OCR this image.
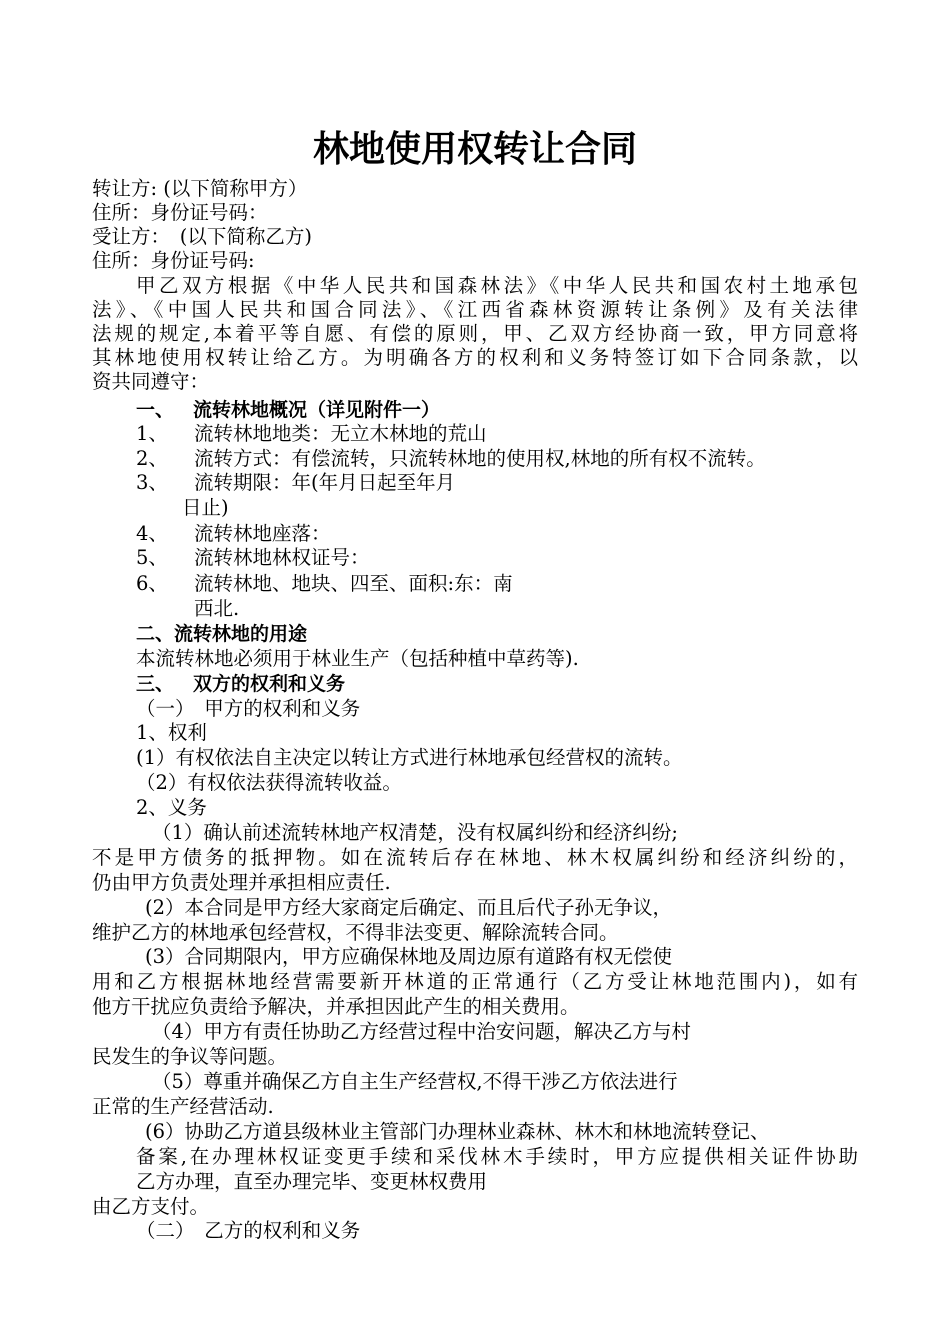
林地使用权转让合同
转让方: (以下简称甲方）
住所：身份证号码：
受让方：　(以下简称乙方)
住所：身份证号码:
甲乙双方根据《中华人民共和国森林法》《中华人民共和国农村土地承包
法》、《中国人民共和国合同法》、《江西省森林资源转让条例》及有关法律
法规的规定,本着平等自愿、有偿的原则，甲、乙双方经协商一致，甲方同意将
其林地使用权转让给乙方。为明确各方的权利和义务特签订如下合同条款，以
资共同遵守：
一、 流转林地概况（详见附件一）
1、 流转林地地类：无立木林地的荒山
2、 流转方式：有偿流转，只流转林地的使用权,林地的所有权不流转。
3、 流转期限：年(年月日起至年月
日止)
4、 流转林地座落：
5、 流转林地林权证号：
6、 流转林地、地块、四至、面积:东：南
西北.
二、流转林地的用途
本流转林地必须用于林业生产（包括种植中草药等).
三、 双方的权利和义务
（一）　甲方的权利和义务
1、权利
(1）有权依法自主决定以转让方式进行林地承包经营权的流转。
（2）有权依法获得流转收益。
2、义务
（1）确认前述流转林地产权清楚，没有权属纠纷和经济纠纷;
不是甲方债务的抵押物。如在流转后存在林地、林木权属纠纷和经济纠纷的，
仍由甲方负责处理并承担相应责任.
(2）本合同是甲方经大家商定后确定、而且后代子孙无争议，
维护乙方的林地承包经营权，不得非法变更、解除流转合同。
(3）合同期限内，甲方应确保林地及周边原有道路有权无偿使
用和乙方根据林地经营需要新开林道的正常通行（乙方受让林地范围内)，如有
他方干扰应负责给予解决，并承担因此产生的相关费用。
（4）甲方有责任协助乙方经营过程中治安问题，解决乙方与村
民发生的争议等问题。
（5）尊重并确保乙方自主生产经营权,不得干涉乙方依法进行
正常的生产经营活动.
(6）协助乙方道县级林业主管部门办理林业森林、林木和林地流转登记、
备案,在办理林权证变更手续和采伐林木手续时，甲方应提供相关证件协助
乙方办理，直至办理完毕、变更林权费用
由乙方支付。
（二）　乙方的权利和义务
